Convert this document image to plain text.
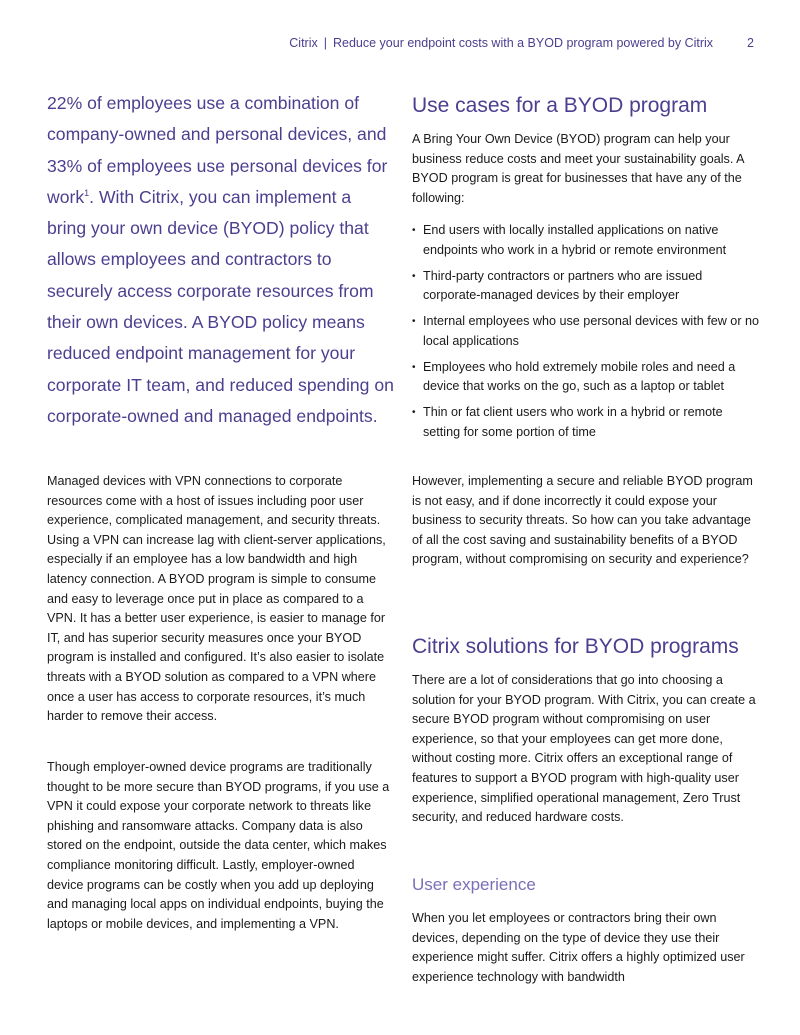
Citrix | Reduce your endpoint costs with a BYOD program powered by Citrix	2

22% of employees use a combination of company-owned and personal devices, and 33% of employees use personal devices for work$^1$. With Citrix, you can implement a bring your own device (BYOD) policy that allows employees and contractors to securely access corporate resources from their own devices. A BYOD policy means reduced endpoint management for your corporate IT team, and reduced spending on corporate-owned and managed endpoints.

Managed devices with VPN connections to corporate resources come with a host of issues including poor user experience, complicated management, and security threats. Using a VPN can increase lag with client-server applications, especially if an employee has a low bandwidth and high latency connection. A BYOD program is simple to consume and easy to leverage once put in place as compared to a VPN. It has a better user experience, is easier to manage for IT, and has superior security measures once your BYOD program is installed and configured. It’s also easier to isolate threats with a BYOD solution as compared to a VPN where once a user has access to corporate resources, it’s much harder to remove their access.

Though employer-owned device programs are traditionally thought to be more secure than BYOD programs, if you use a VPN it could expose your corporate network to threats like phishing and ransomware attacks. Company data is also stored on the endpoint, outside the data center, which makes compliance monitoring difficult. Lastly, employer-owned device programs can be costly when you add up deploying and managing local apps on individual endpoints, buying the laptops or mobile devices, and implementing a VPN.

Use cases for a BYOD program

A Bring Your Own Device (BYOD) program can help your business reduce costs and meet your sustainability goals. A BYOD program is great for businesses that have any of the following:

• End users with locally installed applications on native endpoints who work in a hybrid or remote environment
• Third-party contractors or partners who are issued corporate-managed devices by their employer
• Internal employees who use personal devices with few or no local applications
• Employees who hold extremely mobile roles and need a device that works on the go, such as a laptop or tablet
• Thin or fat client users who work in a hybrid or remote setting for some portion of time

However, implementing a secure and reliable BYOD program is not easy, and if done incorrectly it could expose your business to security threats. So how can you take advantage of all the cost saving and sustainability benefits of a BYOD program, without compromising on security and experience?

Citrix solutions for BYOD programs

There are a lot of considerations that go into choosing a solution for your BYOD program. With Citrix, you can create a secure BYOD program without compromising on user experience, so that your employees can get more done, without costing more. Citrix offers an exceptional range of features to support a BYOD program with high-quality user experience, simplified operational management, Zero Trust security, and reduced hardware costs.

User experience

When you let employees or contractors bring their own devices, depending on the type of device they use their experience might suffer. Citrix offers a highly optimized user experience technology with bandwidth
